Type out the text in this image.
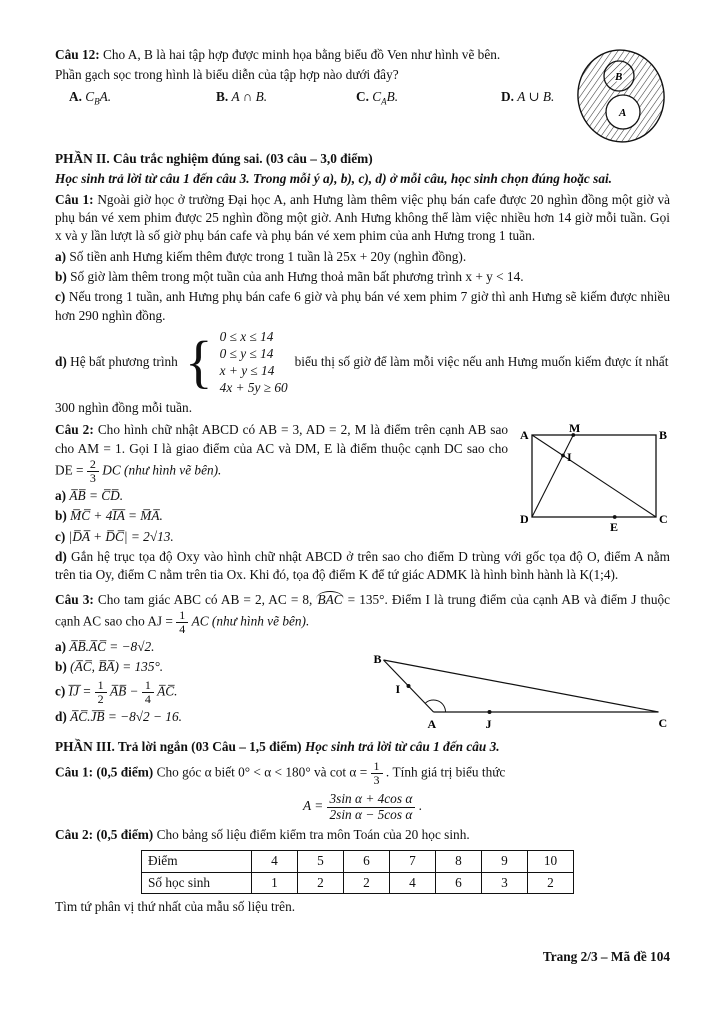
B
A

Câu 12: Cho A, B là hai tập hợp được minh họa bằng biểu đồ Ven như hình vẽ bên.

Phần gạch sọc trong hình là biểu diễn của tập hợp nào dưới đây?

A. $C_BA$.	B. A ∩ B.	C. $C_AB$.	D. A ∪ B.

PHẦN II. Câu trắc nghiệm đúng sai. (03 câu – 3,0 điểm)

Học sinh trả lời từ câu 1 đến câu 3. Trong mỗi ý a), b), c), d) ở mỗi câu, học sinh chọn đúng hoặc sai.

Câu 1: Ngoài giờ học ở trường Đại học A, anh Hưng làm thêm việc phụ bán cafe được 20 nghìn đồng một giờ và phụ bán vé xem phim được 25 nghìn đồng một giờ. Anh Hưng không thể làm việc nhiều hơn 14 giờ mỗi tuần. Gọi x và y lần lượt là số giờ phụ bán cafe và phụ bán vé xem phim của anh Hưng trong 1 tuần.

a) Số tiền anh Hưng kiếm thêm được trong 1 tuần là 25x + 20y (nghìn đồng).

b) Số giờ làm thêm trong một tuần của anh Hưng thoả mãn bất phương trình x + y < 14.

c) Nếu trong 1 tuần, anh Hưng phụ bán cafe 6 giờ và phụ bán vé xem phim 7 giờ thì anh Hưng sẽ kiếm được nhiều hơn 290 nghìn đồng.

d) Hệ bất phương trình { 0 ≤ x ≤ 14
0 ≤ y ≤ 14
x + y ≤ 14
4x + 5y ≥ 60
biểu thị số giờ để làm mỗi việc nếu anh Hưng muốn kiếm được ít nhất

300 nghìn đồng mỗi tuần.

A	M	B
I
D
E
C

Câu 2: Cho hình chữ nhật ABCD có AB = 3, AD = 2, M là điểm trên cạnh AB sao cho AM = 1. Gọi I là giao điểm của AC và DM, E là điểm thuộc cạnh DC sao cho DE = $\frac{2}{3}$ DC (như hình vẽ bên).

a) A̅B̅ = C̅D̅.

b) M̅C̅ + 4I̅A̅ = M̅A̅.

c) |D̅A̅ + D̅C̅| = 2√13.

d) Gắn hệ trục tọa độ Oxy vào hình chữ nhật ABCD ở trên sao cho điểm D trùng với gốc tọa độ O, điểm A nằm trên tia Oy, điểm C nằm trên tia Ox. Khi đó, tọa độ điểm K để tứ giác ADMK là hình bình hành là K(1;4).

Câu 3: Cho tam giác ABC có AB = 2, AC = 8, BAC = 135°. Điểm I là trung điểm của cạnh AB và điểm J thuộc cạnh AC sao cho AJ = $\frac{1}{4}$ AC (như hình vẽ bên).

a) A̅B̅.A̅C̅ = −8√2.

b) (A̅C̅, B̅A̅) = 135°.

c) I̅J̅ = $\frac{1}{2}$ A̅B̅ − $\frac{1}{4}$ A̅C̅.

d) A̅C̅.J̅B̅ = −8√2 − 16.

B
I
A	J	C

PHẦN III. Trả lời ngắn (03 Câu – 1,5 điểm) Học sinh trả lời từ câu 1 đến câu 3.

Câu 1: (0,5 điểm) Cho góc α biết 0° < α < 180° và $\cot \alpha = \frac{1}{3}$ . Tính giá trị biểu thức

$A = \frac{\text{3sin α + 4cos α}}{\text{2sin α − 5cos α}}$ .

Câu 2: (0,5 điểm) Cho bảng số liệu điểm kiểm tra môn Toán của 20 học sinh.

Điểm	4	5	6	7	8	9	10
Số học sinh	1	2	2	4	6	3	2

Tìm tứ phân vị thứ nhất của mẫu số liệu trên.

Trang 2/3 – Mã đề 104
